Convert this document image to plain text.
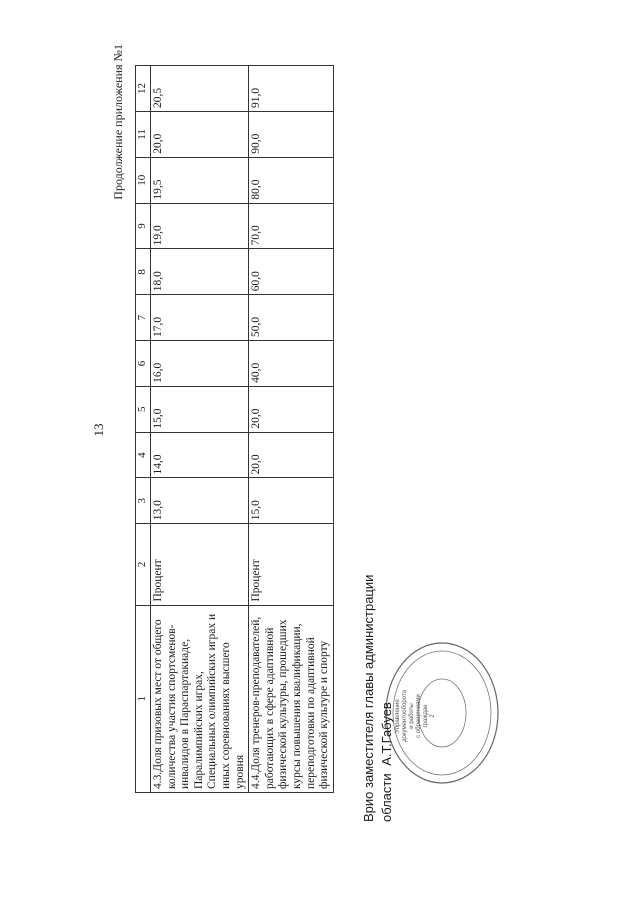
13
Продолжение приложения №1
1	2	3	4	5	6	7	8	9	10	11	12
4.3.Доля призовых мест от общего количества участия спортсменов-инвалидов в Параспартакиаде, Паралимпийских играх, Специальных олимпийских играх и иных соревнованиях высшего уровня	Процент	13,0	14,0	15,0	16,0	17,0	18,0	19,0	19,5	20,0	20,5
4.4.Доля тренеров-преподавателей, работающих в сфере адаптивной физической культуры, прошедших курсы повышения квалификации, переподготовки по адаптивной физической культуре и спорту	Процент	15,0	20,0	20,0	40,0	50,0	60,0	70,0	80,0	90,0	91,0
Управление документооборота и работы с обращениями граждан 2
Врио заместителя главы администрации области А.Т.Габуев
